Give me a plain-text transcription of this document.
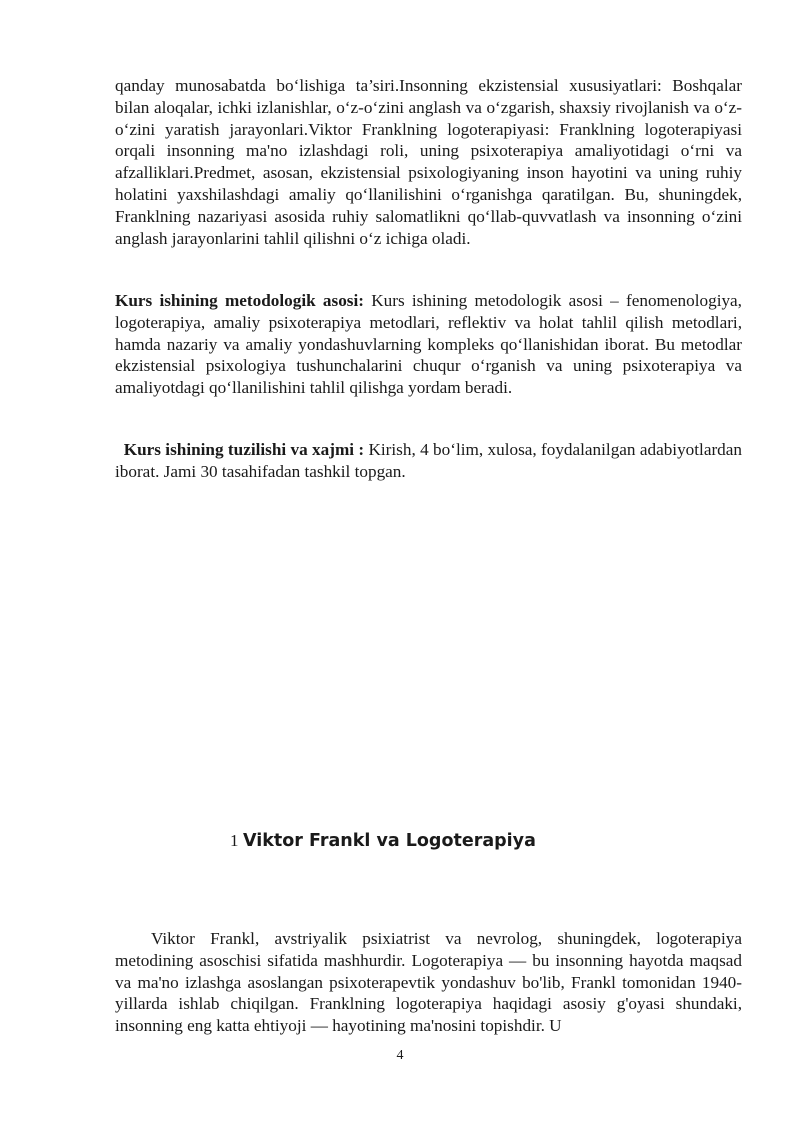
qanday munosabatda bo‘lishiga ta’siri.Insonning ekzistensial xususiyatlari: Boshqalar bilan aloqalar, ichki izlanishlar, o‘z-o‘zini anglash va o‘zgarish, shaxsiy rivojlanish va o‘z-o‘zini yaratish jarayonlari.Viktor Franklning logoterapiyasi: Franklning logoterapiyasi orqali insonning ma'no izlashdagi roli, uning psixoterapiya amaliyotidagi o‘rni va afzalliklari.Predmet, asosan, ekzistensial psixologiyaning inson hayotini va uning ruhiy holatini yaxshilashdagi amaliy qo‘llanilishini o‘rganishga qaratilgan. Bu, shuningdek, Franklning nazariyasi asosida ruhiy salomatlikni qo‘llab-quvvatlash va insonning o‘zini anglash jarayonlarini tahlil qilishni o‘z ichiga oladi.

Kurs ishining metodologik asosi: Kurs ishining metodologik asosi – fenomenologiya, logoterapiya, amaliy psixoterapiya metodlari, reflektiv va holat tahlil qilish metodlari, hamda nazariy va amaliy yondashuvlarning kompleks qo‘llanishidan iborat. Bu metodlar ekzistensial psixologiya tushunchalarini chuqur o‘rganish va uning psixoterapiya va amaliyotdagi qo‘llanilishini tahlil qilishga yordam beradi.

Kurs ishining tuzilishi va xajmi : Kirish, 4 bo‘lim, xulosa, foydalanilgan adabiyotlardan iborat. Jami 30 tasahifadan tashkil topgan.

1 Viktor Frankl va Logoterapiya

Viktor Frankl, avstriyalik psixiatrist va nevrolog, shuningdek, logoterapiya metodining asoschisi sifatida mashhurdir. Logoterapiya — bu insonning hayotda maqsad va ma'no izlashga asoslangan psixoterapevtik yondashuv bo'lib, Frankl tomonidan 1940-yillarda ishlab chiqilgan. Franklning logoterapiya haqidagi asosiy g'oyasi shundaki, insonning eng katta ehtiyoji — hayotining ma'nosini topishdir. U

4
